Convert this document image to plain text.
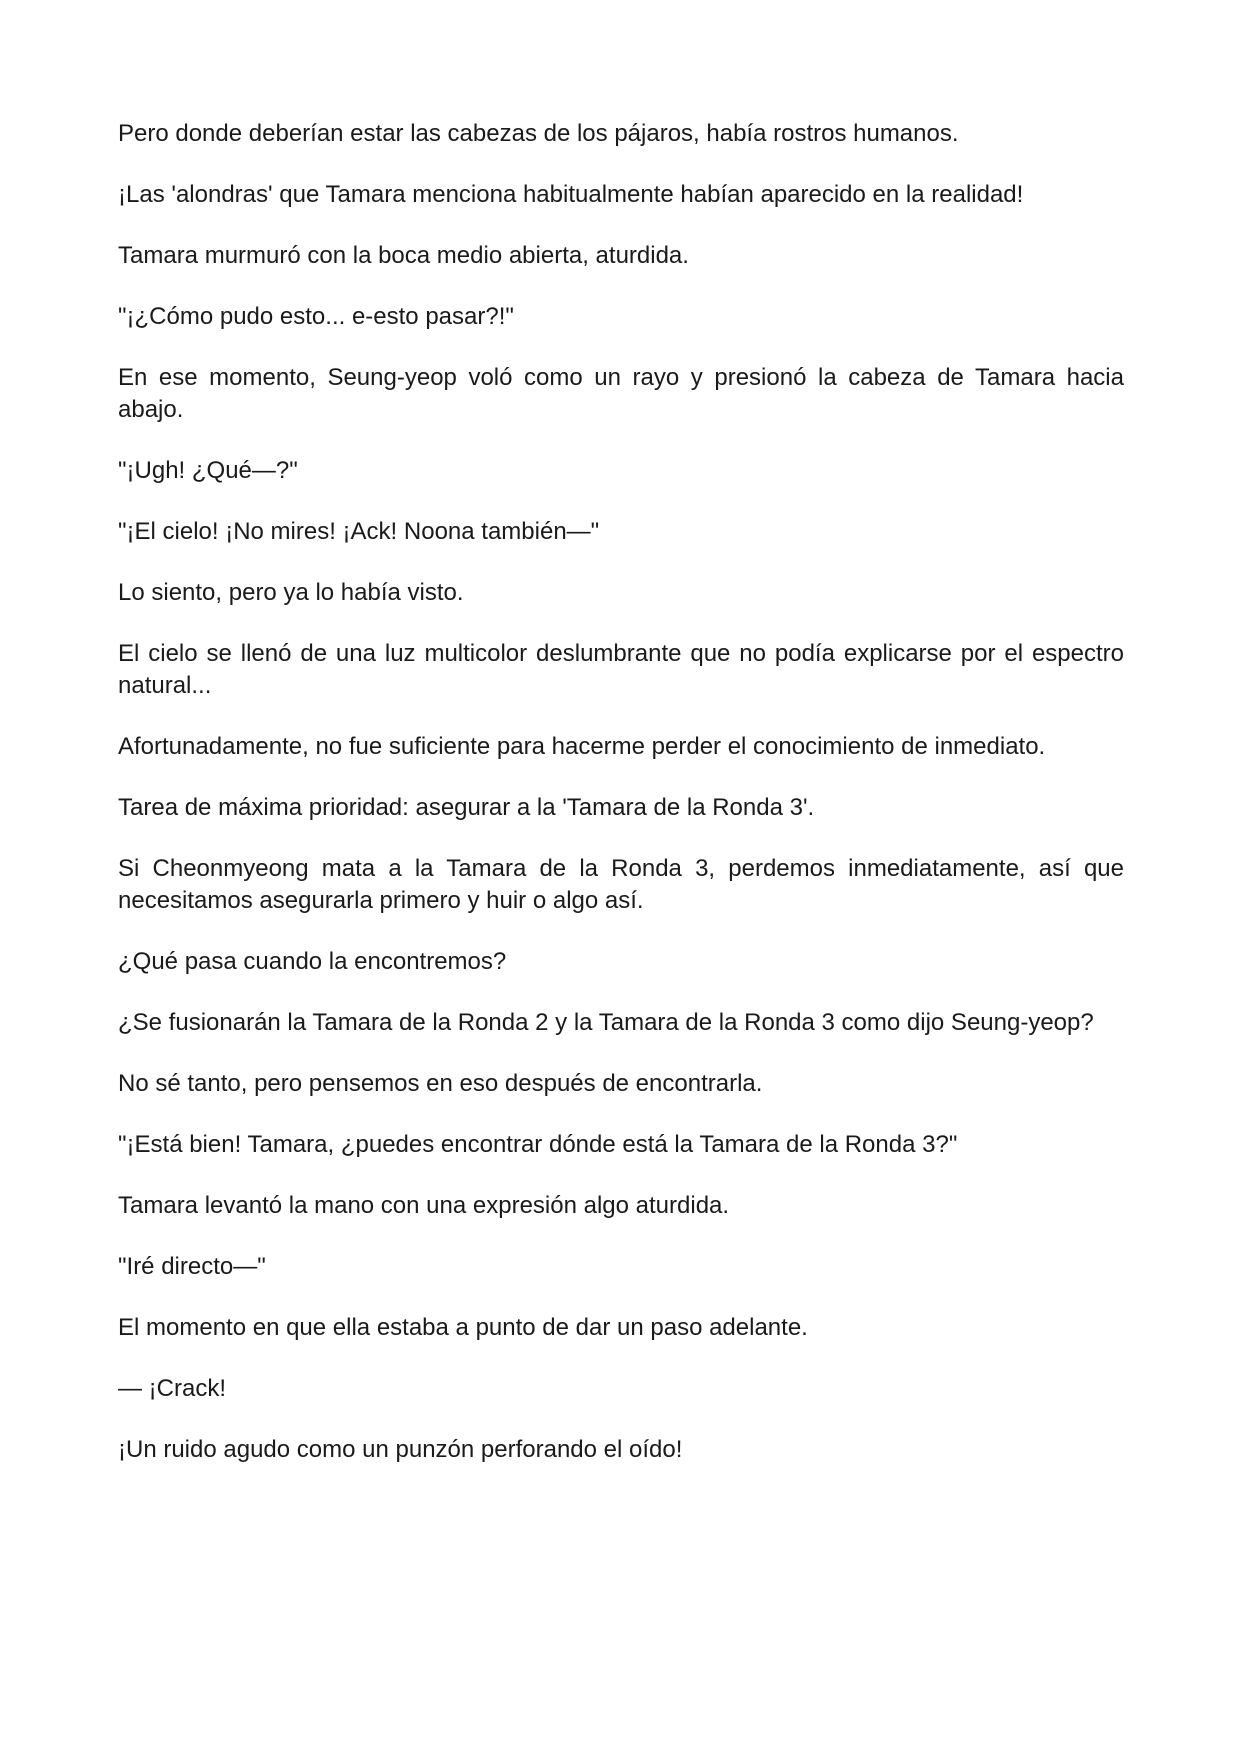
Pero donde deberían estar las cabezas de los pájaros, había rostros humanos.

¡Las 'alondras' que Tamara menciona habitualmente habían aparecido en la realidad!

Tamara murmuró con la boca medio abierta, aturdida.

"¡¿Cómo pudo esto... e-esto pasar?!"

En ese momento, Seung-yeop voló como un rayo y presionó la cabeza de Tamara hacia abajo.

"¡Ugh! ¿Qué—?"

"¡El cielo! ¡No mires! ¡Ack! Noona también—"

Lo siento, pero ya lo había visto.

El cielo se llenó de una luz multicolor deslumbrante que no podía explicarse por el espectro natural...

Afortunadamente, no fue suficiente para hacerme perder el conocimiento de inmediato.

Tarea de máxima prioridad: asegurar a la 'Tamara de la Ronda 3'.

Si Cheonmyeong mata a la Tamara de la Ronda 3, perdemos inmediatamente, así que necesitamos asegurarla primero y huir o algo así.

¿Qué pasa cuando la encontremos?

¿Se fusionarán la Tamara de la Ronda 2 y la Tamara de la Ronda 3 como dijo Seung-yeop?

No sé tanto, pero pensemos en eso después de encontrarla.

"¡Está bien! Tamara, ¿puedes encontrar dónde está la Tamara de la Ronda 3?"

Tamara levantó la mano con una expresión algo aturdida.

"Iré directo—"

El momento en que ella estaba a punto de dar un paso adelante.

— ¡Crack!

¡Un ruido agudo como un punzón perforando el oído!
